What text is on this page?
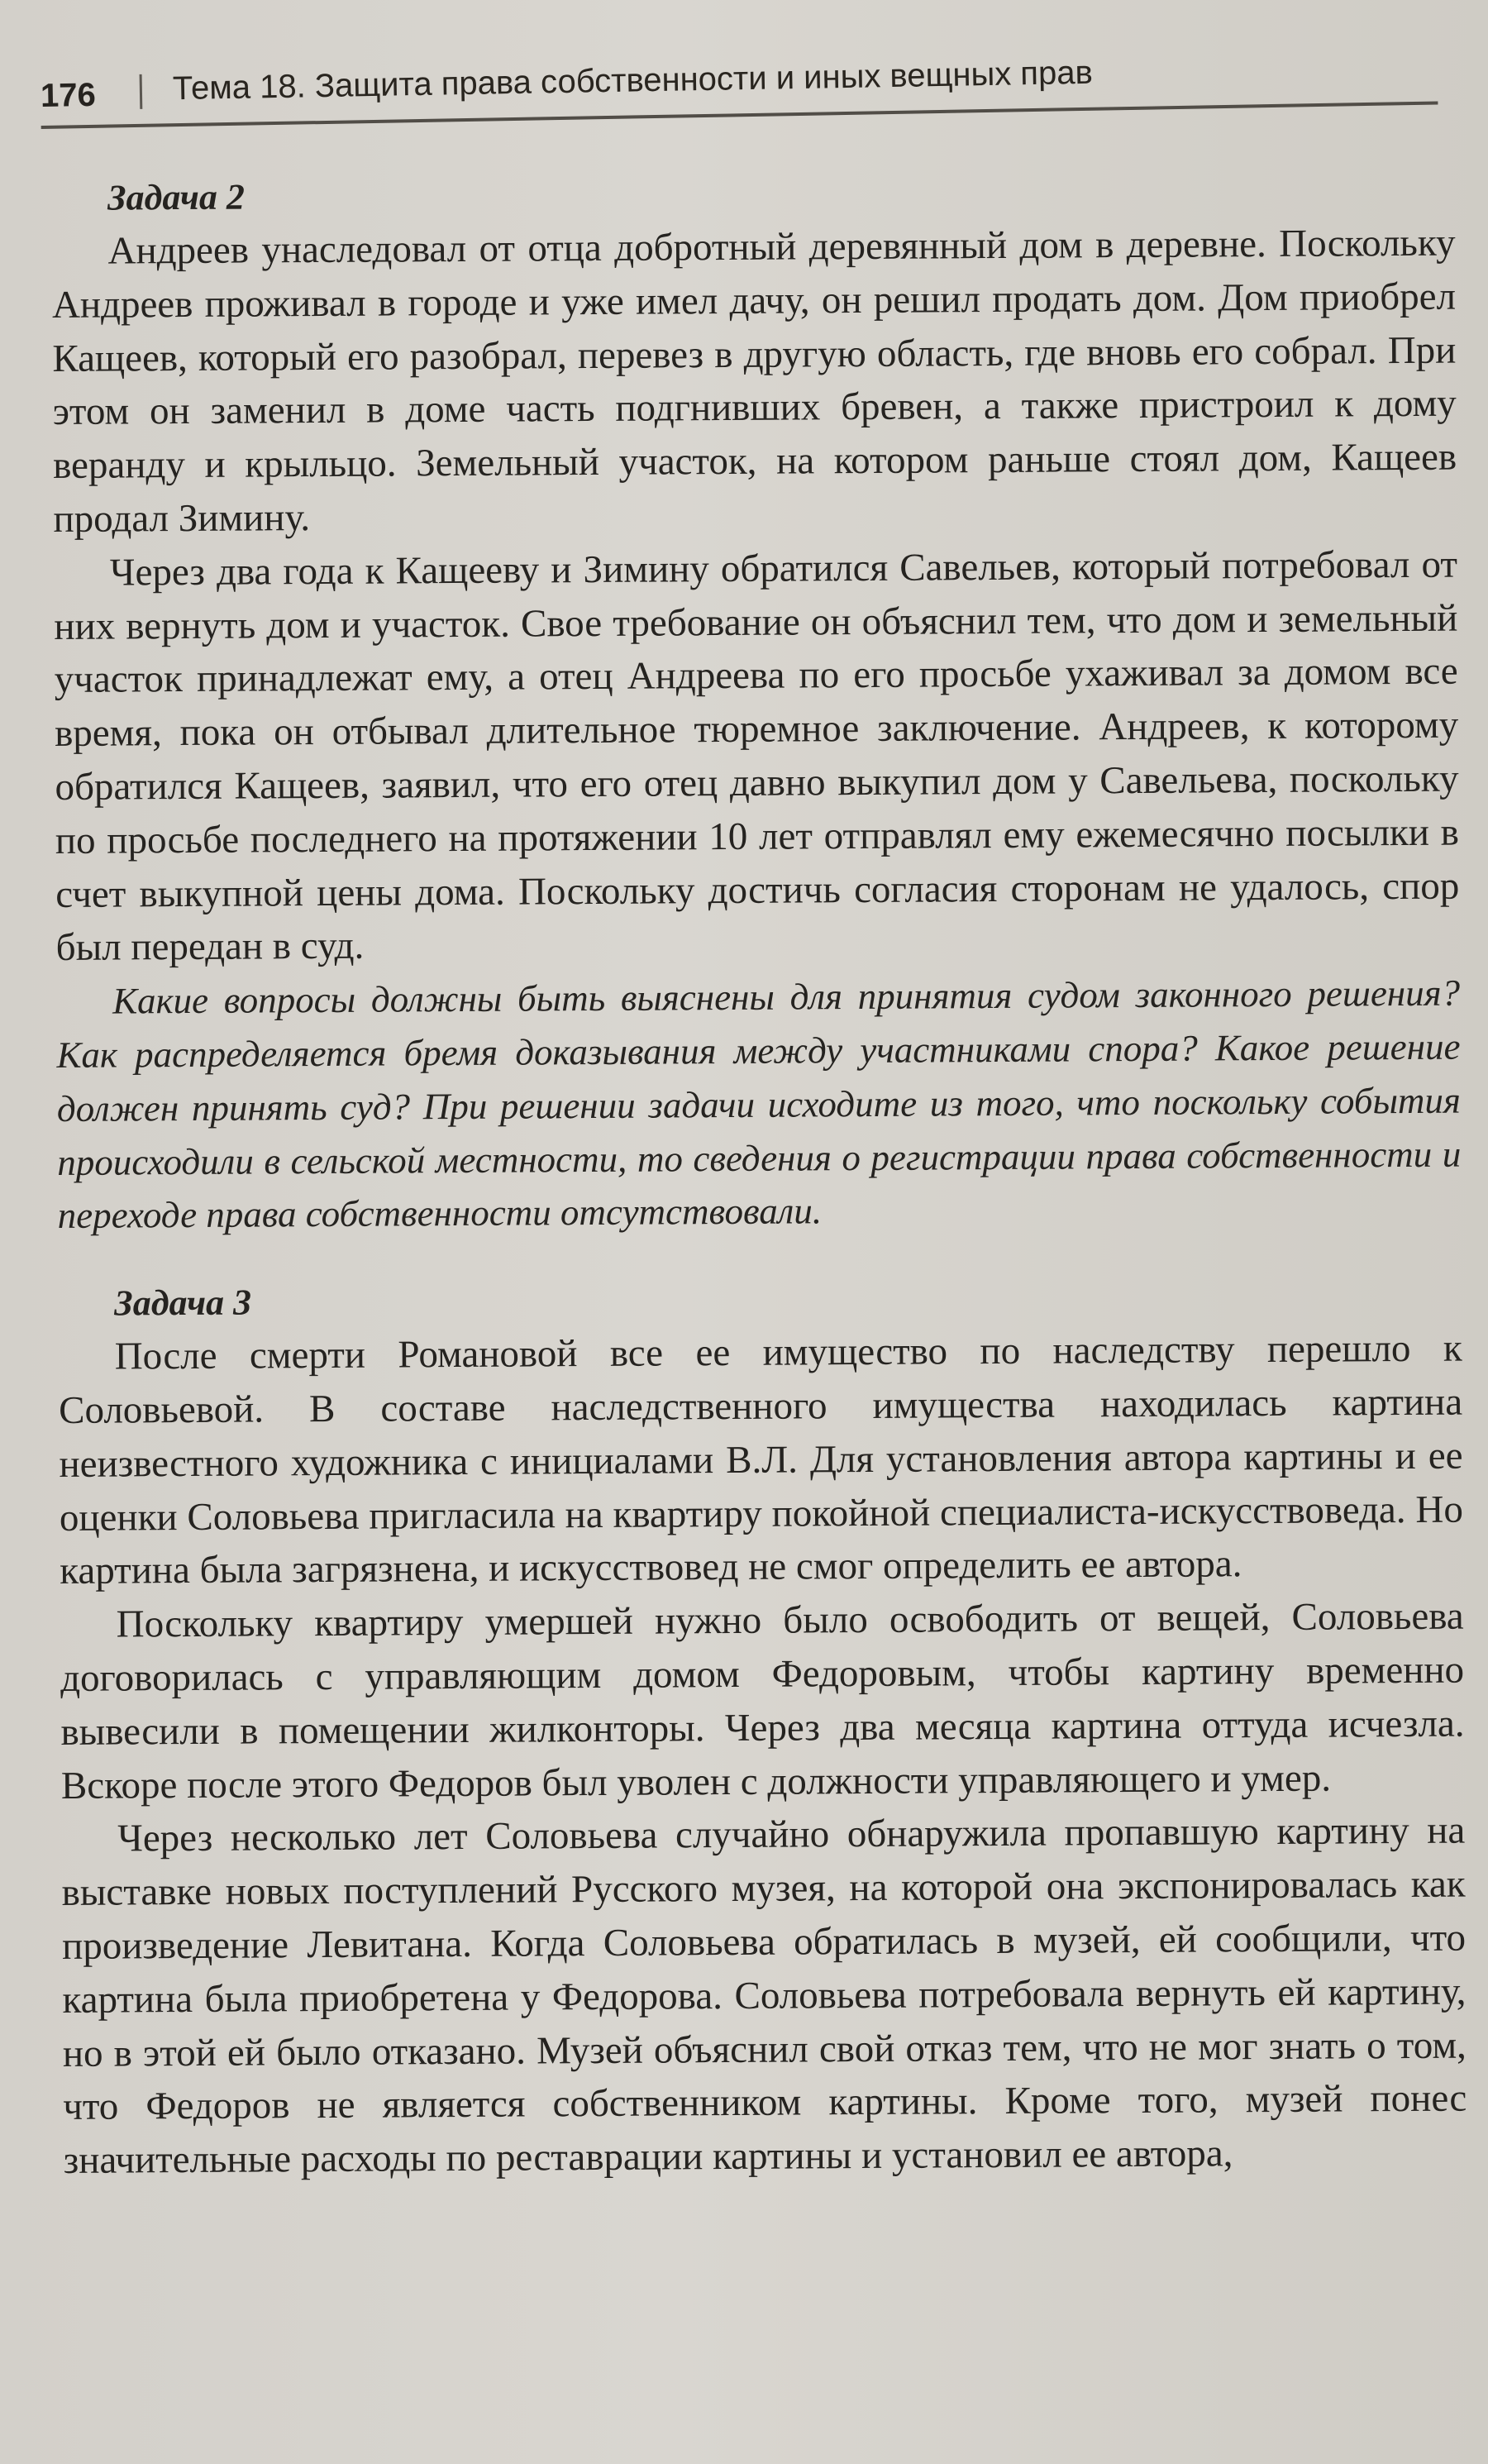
176 Тема 18. Защита права собственности и иных вещных прав
Задача 2

Андреев унаследовал от отца добротный деревянный дом в деревне. Поскольку Андреев проживал в городе и уже имел дачу, он решил продать дом. Дом приобрел Кащеев, который его разобрал, перевез в другую область, где вновь его собрал. При этом он заменил в доме часть подгнивших бревен, а также пристроил к дому веранду и крыльцо. Земельный участок, на котором раньше стоял дом, Кащеев продал Зимину.

Через два года к Кащееву и Зимину обратился Савельев, который потребовал от них вернуть дом и участок. Свое требование он объяснил тем, что дом и земельный участок принадлежат ему, а отец Андреева по его просьбе ухаживал за домом все время, пока он отбывал длительное тюремное заключение. Андреев, к которому обратился Кащеев, заявил, что его отец давно выкупил дом у Савельева, поскольку по просьбе последнего на протяжении 10 лет отправлял ему ежемесячно посылки в счет выкупной цены дома. Поскольку достичь согласия сторонам не удалось, спор был передан в суд.

Какие вопросы должны быть выяснены для принятия судом законного решения? Как распределяется бремя доказывания между участниками спора? Какое решение должен принять суд? При решении задачи исходите из того, что поскольку события происходили в сельской местности, то сведения о регистрации права собственности и переходе права собственности отсутствовали.

Задача 3

После смерти Романовой все ее имущество по наследству перешло к Соловьевой. В составе наследственного имущества находилась картина неизвестного художника с инициалами В.Л. Для установления автора картины и ее оценки Соловьева пригласила на квартиру покойной специалиста-искусствоведа. Но картина была загрязнена, и искусствовед не смог определить ее автора.

Поскольку квартиру умершей нужно было освободить от вещей, Соловьева договорилась с управляющим домом Федоровым, чтобы картину временно вывесили в помещении жилконторы. Через два месяца картина оттуда исчезла. Вскоре после этого Федоров был уволен с должности управляющего и умер.

Через несколько лет Соловьева случайно обнаружила пропавшую картину на выставке новых поступлений Русского музея, на которой она экспонировалась как произведение Левитана. Когда Соловьева обратилась в музей, ей сообщили, что картина была приобретена у Федорова. Соловьева потребовала вернуть ей картину, но в этой ей было отказано. Музей объяснил свой отказ тем, что не мог знать о том, что Федоров не является собственником картины. Кроме того, музей понес значительные расходы по реставрации картины и установил ее автора,
